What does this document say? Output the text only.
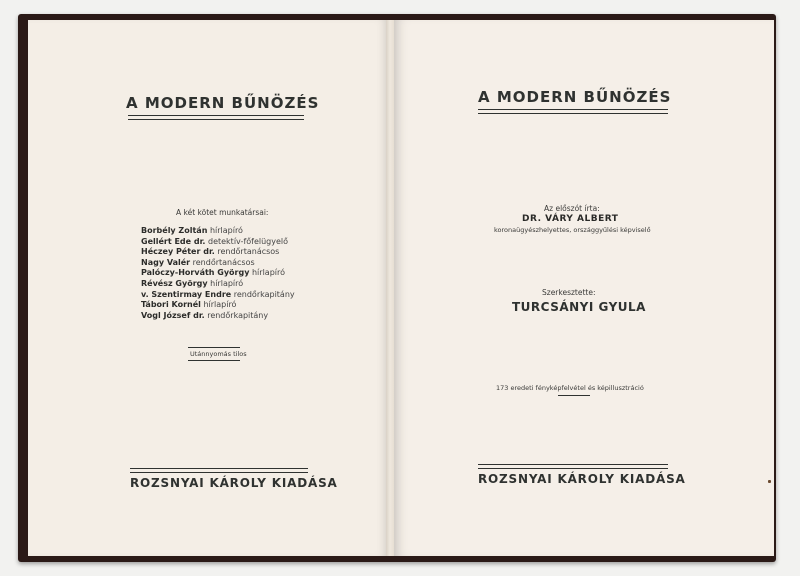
A MODERN BŰNÖZÉS
A két kötet munkatársai:
Utánnyomás tilos
ROZSNYAI KÁROLY KIADÁSA
Borbély Zoltán hírlapíró
Gellért Ede dr. detektív-főfelügyelő
Héczey Péter dr. rendőrtanácsos
Nagy Valér rendőrtanácsos
Palóczy-Horváth György hírlapíró
Révész György hírlapíró
v. Szentirmay Endre rendőrkapitány
Tábori Kornél hírlapíró
Vogl József dr. rendőrkapitány
A MODERN BŰNÖZÉS
Az előszót írta:
DR. VÁRY ALBERT
koronaügyészhelyettes, országgyűlési képviselő
Szerkesztette:
TURCSÁNYI GYULA
173 eredeti fényképfelvétel és képillusztráció
ROZSNYAI KÁROLY KIADÁSA
